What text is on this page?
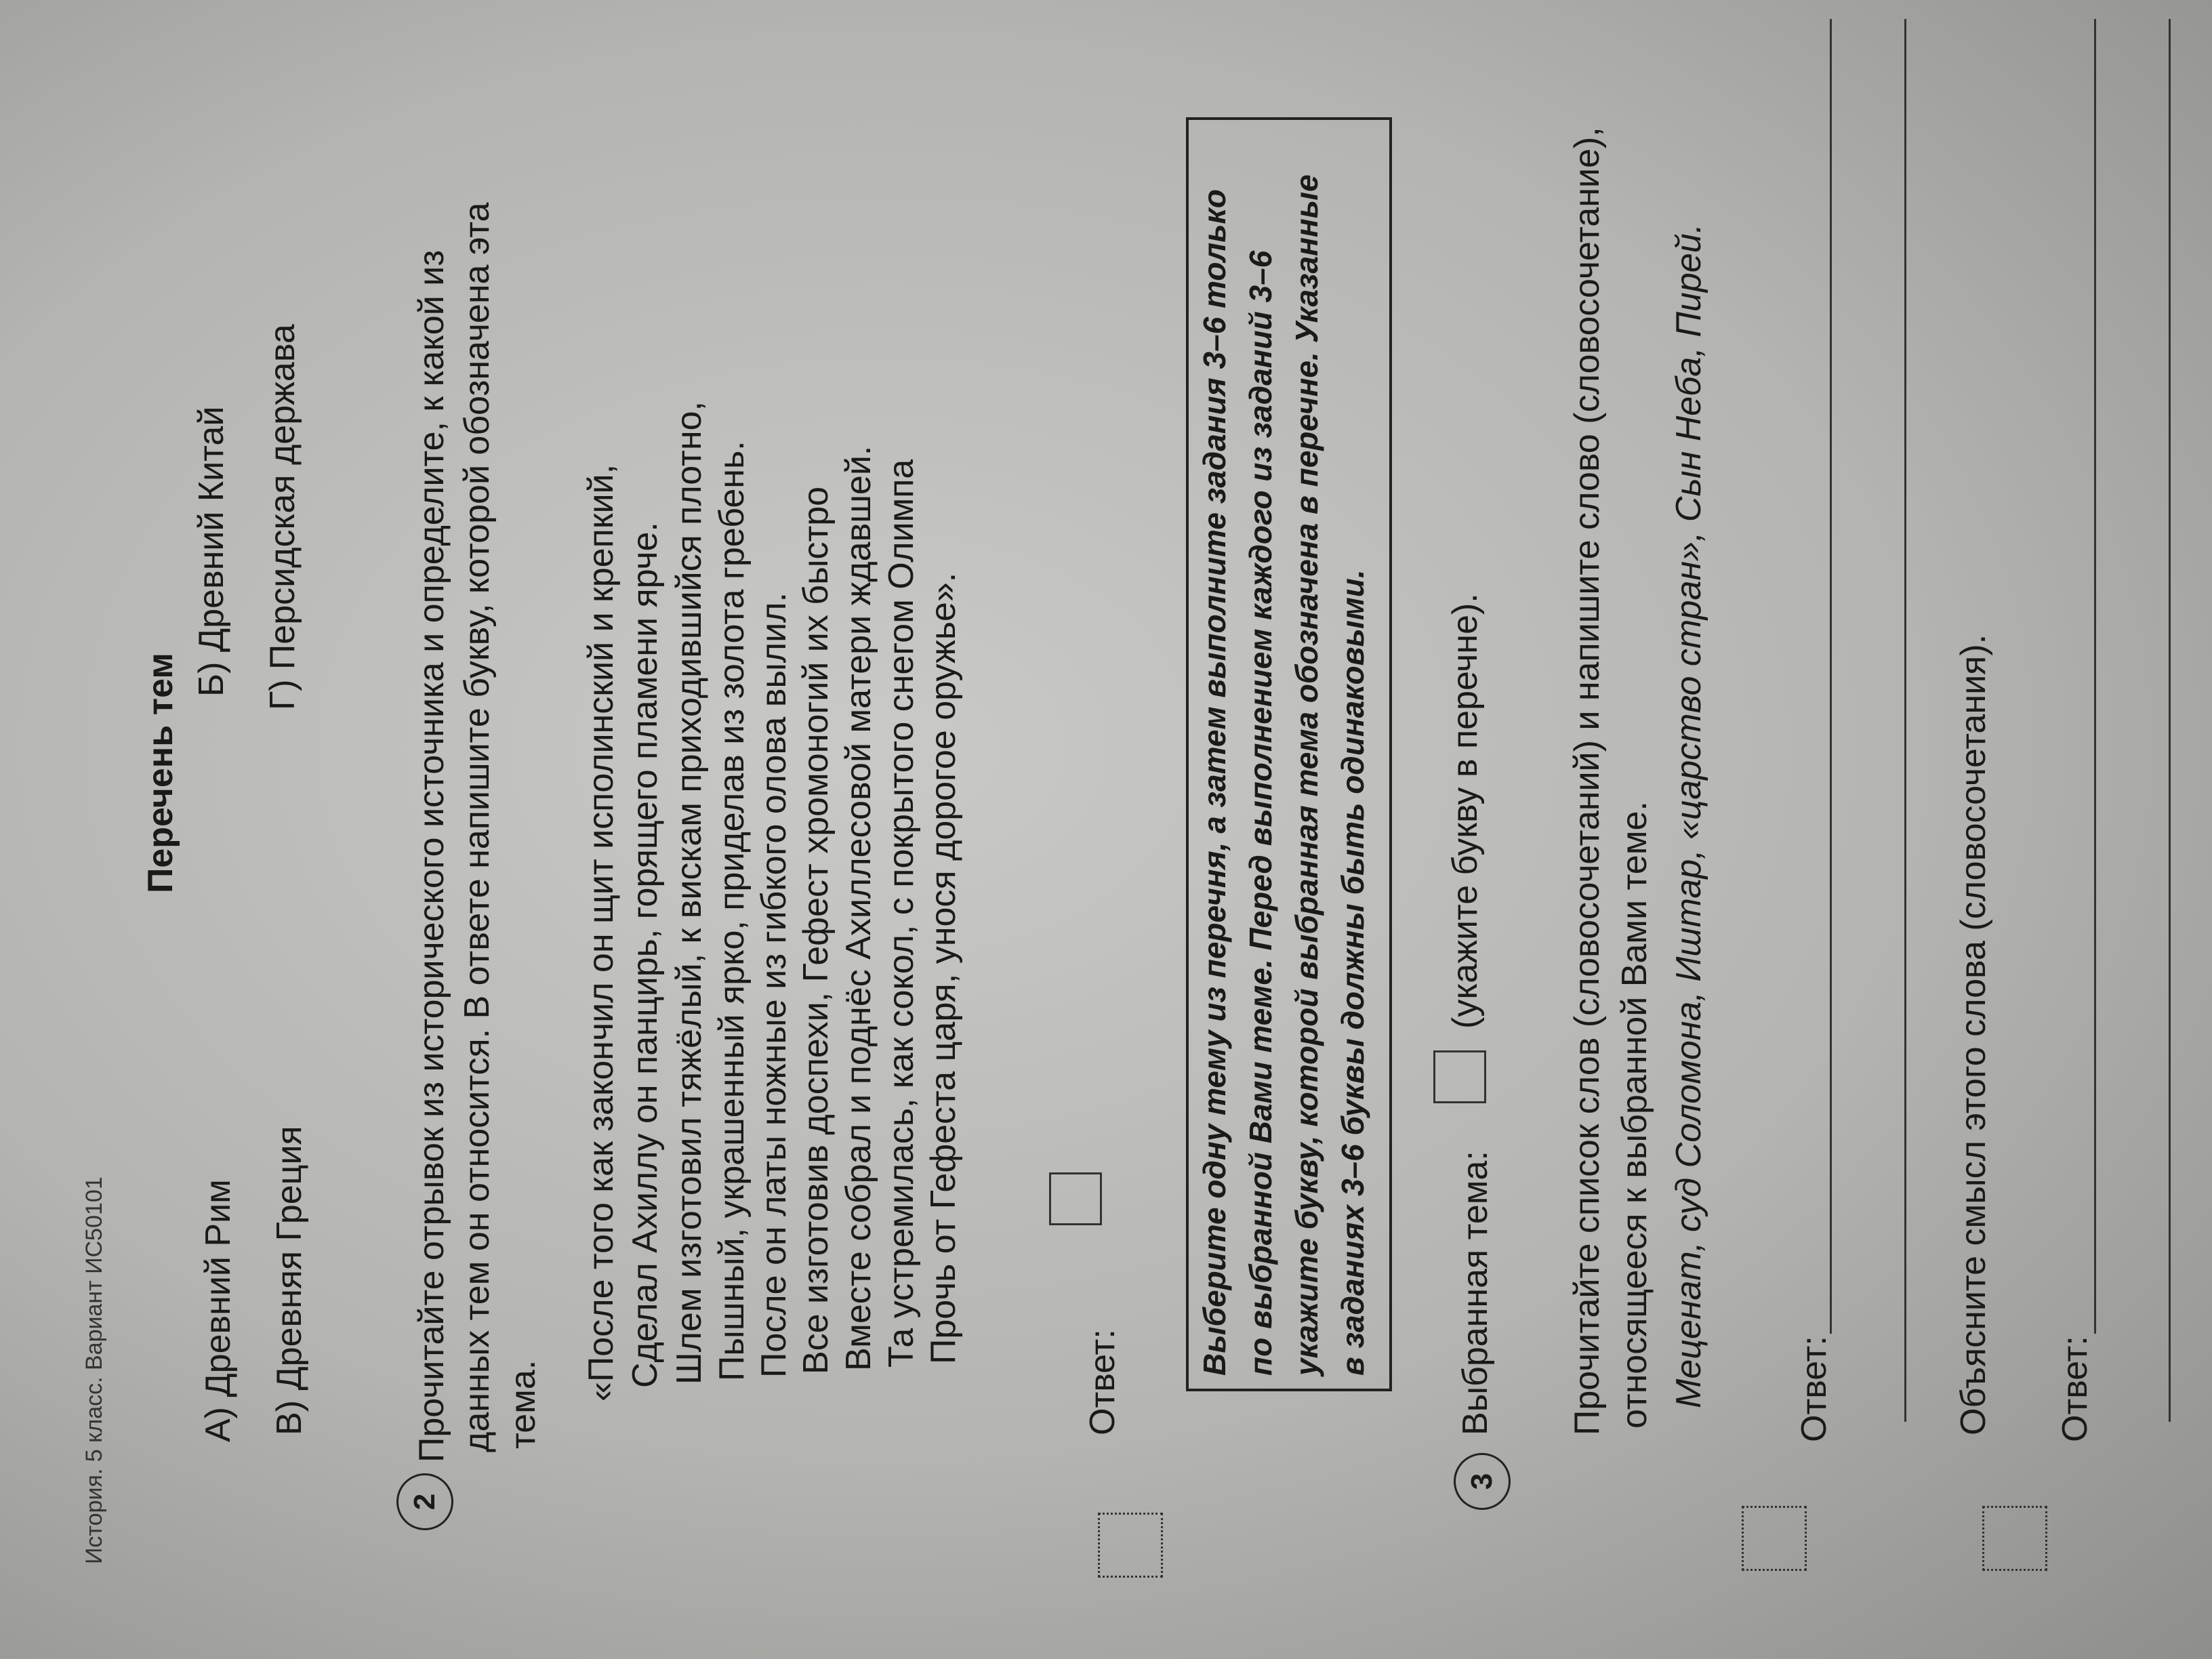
История. 5 класс. Вариант ИС50101
Перечень тем
А) Древний Рим
Б) Древний Китай
В) Древняя Греция
Г) Персидская держава
2
Прочитайте отрывок из исторического источника и определите, к какой из данных тем он относится. В ответе напишите букву, которой обозначена эта тема.
«После того как закончил он щит исполинский и крепкий, Сделал Ахиллу он панцирь, горящего пламени ярче. Шлем изготовил тяжёлый, к вискам приходившийся плотно, Пышный, украшенный ярко, приделав из золота гребень. После он латы ножные из гибкого олова вылил. Все изготовив доспехи, Гефест хромоногий их быстро Вместе собрал и поднёс Ахиллесовой матери ждавшей. Та устремилась, как сокол, с покрытого снегом Олимпа Прочь от Гефеста царя, унося дорогое оружье».
Ответ:
Выберите одну тему из перечня, а затем выполните задания 3–6 только по выбранной Вами теме. Перед выполнением каждого из заданий 3–6 укажите букву, которой выбранная тема обозначена в перечне. Указанные в заданиях 3–6 буквы должны быть одинаковыми.
3
Выбранная тема:
(укажите букву в перечне). Прочитайте список слов (словосочетаний) и напишите слово (словосочетание), относящееся к выбранной Вами теме. Меценат, суд Соломона, Иштар, «царство стран», Сын Неба, Пирей. Ответ:	Объясните смысл этого слова (словосочетания). Ответ:
